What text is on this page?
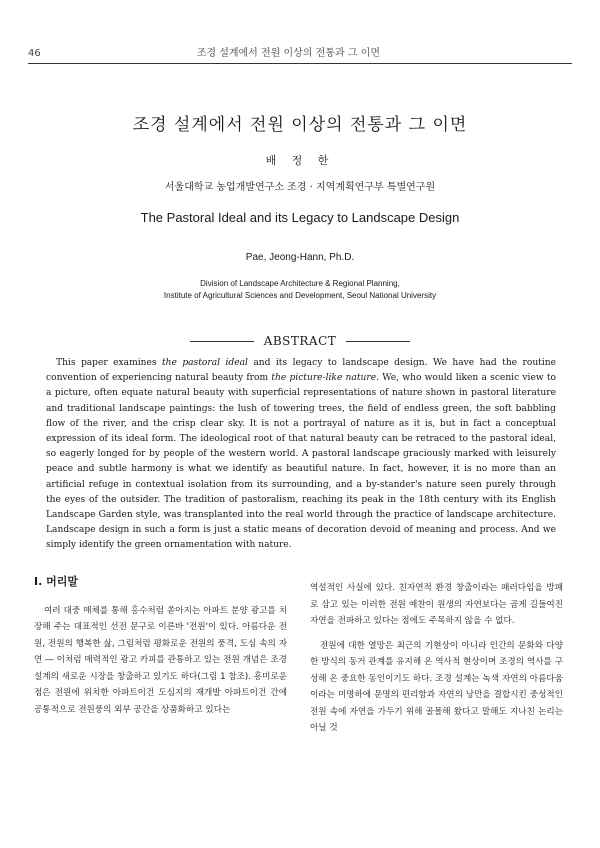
46	조경 설계에서 전원 이상의 전통과 그 이면
조경 설계에서 전원 이상의 전통과 그 이면
배 정 한
서울대학교 농업개발연구소 조경 · 지역계획연구부 특별연구원
The Pastoral Ideal and its Legacy to Landscape Design
Pae, Jeong-Hann, Ph.D.
Division of Landscape Architecture & Regional Planning,
Institute of Agricultural Sciences and Development, Seoul National University
ABSTRACT
This paper examines the pastoral ideal and its legacy to landscape design. We have had the routine convention of experiencing natural beauty from the picture-like nature. We, who would liken a scenic view to a picture, often equate natural beauty with superficial representations of nature shown in pastoral literature and traditional landscape paintings: the lush of towering trees, the field of endless green, the soft babbling flow of the river, and the crisp clear sky. It is not a portrayal of nature as it is, but in fact a conceptual expression of its ideal form. The ideological root of that natural beauty can be retraced to the pastoral ideal, so eagerly longed for by people of the western world. A pastoral landscape graciously marked with leisurely peace and subtle harmony is what we identify as beautiful nature. In fact, however, it is no more than an artificial refuge in contextual isolation from its surrounding, and a by-stander's nature seen purely through the eyes of the outsider. The tradition of pastoralism, reaching its peak in the 18th century with its English Landscape Garden style, was transplanted into the real world through the practice of landscape architecture. Landscape design in such a form is just a static means of decoration devoid of meaning and process. And we simply identify the green ornamentation with nature.
Ⅰ. 머리말

여러 대중 매체를 통해 홍수처럼 쏟아지는 아파트 분양 광고를 치장해 주는 대표적인 선전 문구로 이른바 '전원'이 있다. 아름다운 전원, 전원의 행복한 삶, 그림처럼 평화로운 전원의 풍격, 도심 속의 자연 ― 이처럼 매력적인 광고 카피를 관통하고 있는 전원 개념은 조경 설계의 새로운 시장을 창출하고 있기도 하다(그림 1 참조). 흥미로운 점은 전원에 위치한 아파트이건 도심지의 재개발 아파트이건 간에 공통적으로 전원풍의 외부 공간을 상품화하고 있다는

역설적인 사실에 있다. 친자연적 환경 창출이라는 패러다임을 방패로 삼고 있는 이러한 전원 예찬이 원생의 자연보다는 곱게 길들여진 자연을 전파하고 있다는 점에도 주목하지 않을 수 없다.

전원에 대한 열망은 최근의 기현상이 아니라 인간의 문화와 다양한 방식의 동거 관계를 유지해 온 역사적 현상이며 조경의 역사를 구성해 온 중요한 동인이기도 하다. 조경 설계는 녹색 자연의 아름다움이라는 미명하에 문명의 편리함과 자연의 낭만을 결합시킨 중성적인 전원 속에 자연을 가두기 위해 골몰해 왔다고 말해도 지나친 논리는 아닐 것
